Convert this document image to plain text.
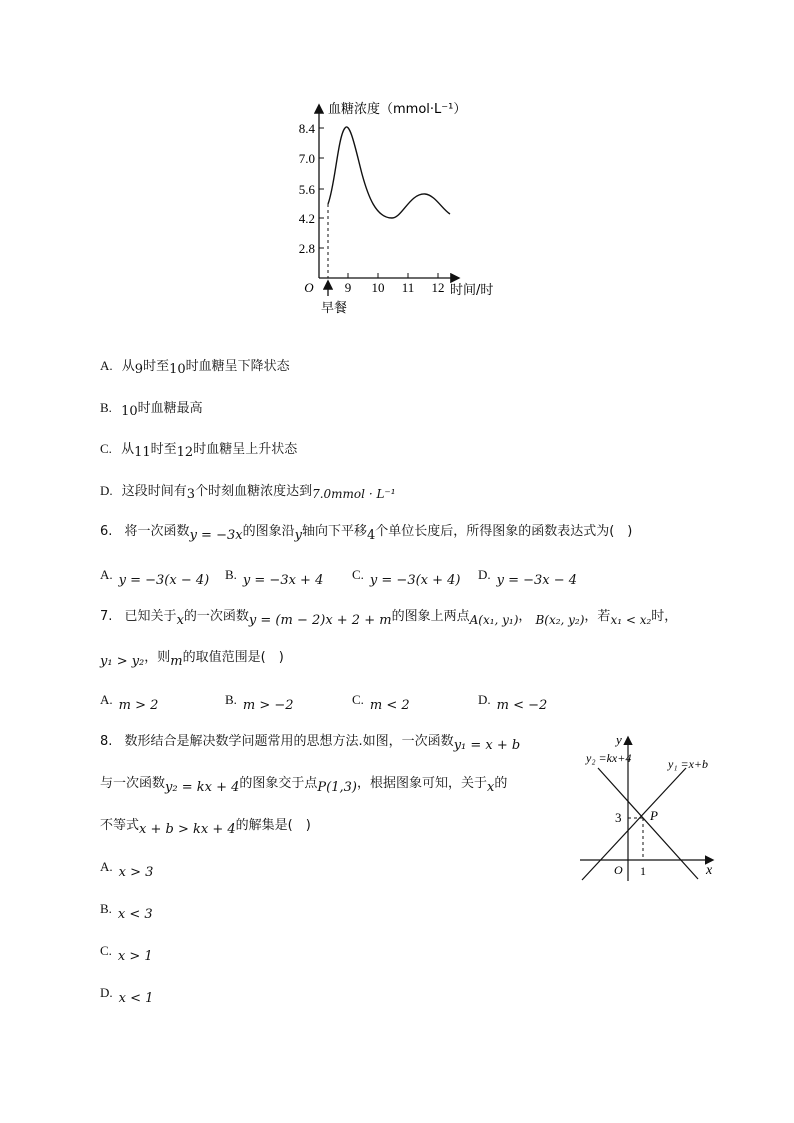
8.4
7.0
5.6
4.2
2.8
9 10 11 12
O
血糖浓度（mmol·L⁻¹）
时间/时
早餐
A. 从9时至10时血糖呈下降状态
B. 10时血糖最高
C. 从11时至12时血糖呈上升状态
D. 这段时间有3个时刻血糖浓度达到7.0mmol · L⁻¹
6. 将一次函数y = −3x的图象沿y轴向下平移4个单位长度后，所得图象的函数表达式为(　)
A. y = −3(x − 4) B. y = −3x + 4 C. y = −3(x + 4) D. y = −3x − 4
7. 已知关于x的一次函数y = (m − 2)x + 2 + m的图象上两点A(x₁, y₁)， B(x₂, y₂)，若x₁ < x₂时，
y₁ > y₂，则m的取值范围是(　)
A. m > 2	B. m > −2	C. m < 2	D. m < −2
8. 数形结合是解决数学问题常用的思想方法.如图，一次函数y₁ = x + b
与一次函数y₂ = kx + 4的图象交于点P(1,3)，根据图象可知，关于x的
不等式x + b > kx + 4的解集是(　)
A. x > 3
B. x < 3
C. x > 1
D. x < 1
y
x
O
y₂ =kx+4	y₁ =x+b
P
3
1
